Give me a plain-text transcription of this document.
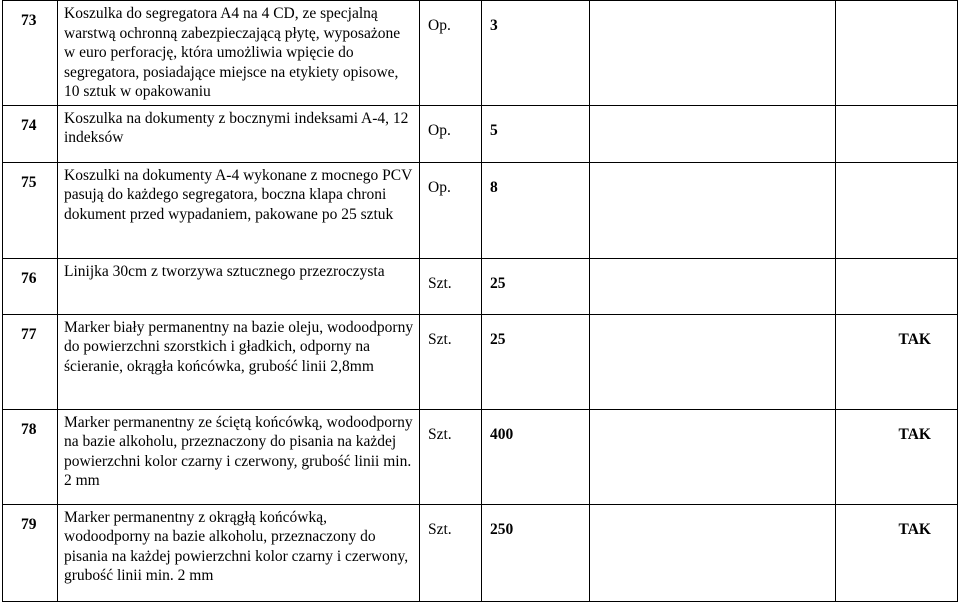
73	Koszulka do segregatora A4 na 4 CD, ze specjalną warstwą ochronną zabezpieczającą płytę, wyposażone w euro perforację, która umożliwia wpięcie do segregatora, posiadające miejsce na etykiety opisowe, 10 sztuk w opakowaniu	Op.	3		
74	Koszulka na dokumenty z bocznymi indeksami A-4, 12 indeksów	Op.	5		
75	Koszulki na dokumenty A-4 wykonane z mocnego PCV pasują do każdego segregatora, boczna klapa chroni dokument przed wypadaniem, pakowane po 25 sztuk	Op.	8		
76	Linijka 30cm z tworzywa sztucznego przezroczysta	Szt.	25		
77	Marker biały permanentny na bazie oleju, wodoodporny do powierzchni szorstkich i gładkich, odporny na ścieranie, okrągła końcówka, grubość linii 2,8mm	Szt.	25		TAK
78	Marker permanentny ze ściętą końcówką, wodoodporny na bazie alkoholu, przeznaczony do pisania na każdej powierzchni kolor czarny i czerwony, grubość linii min. 2 mm	Szt.	400		TAK
79	Marker permanentny z okrągłą końcówką, wodoodporny na bazie alkoholu, przeznaczony do pisania na każdej powierzchni kolor czarny i czerwony, grubość linii min. 2 mm	Szt.	250		TAK
